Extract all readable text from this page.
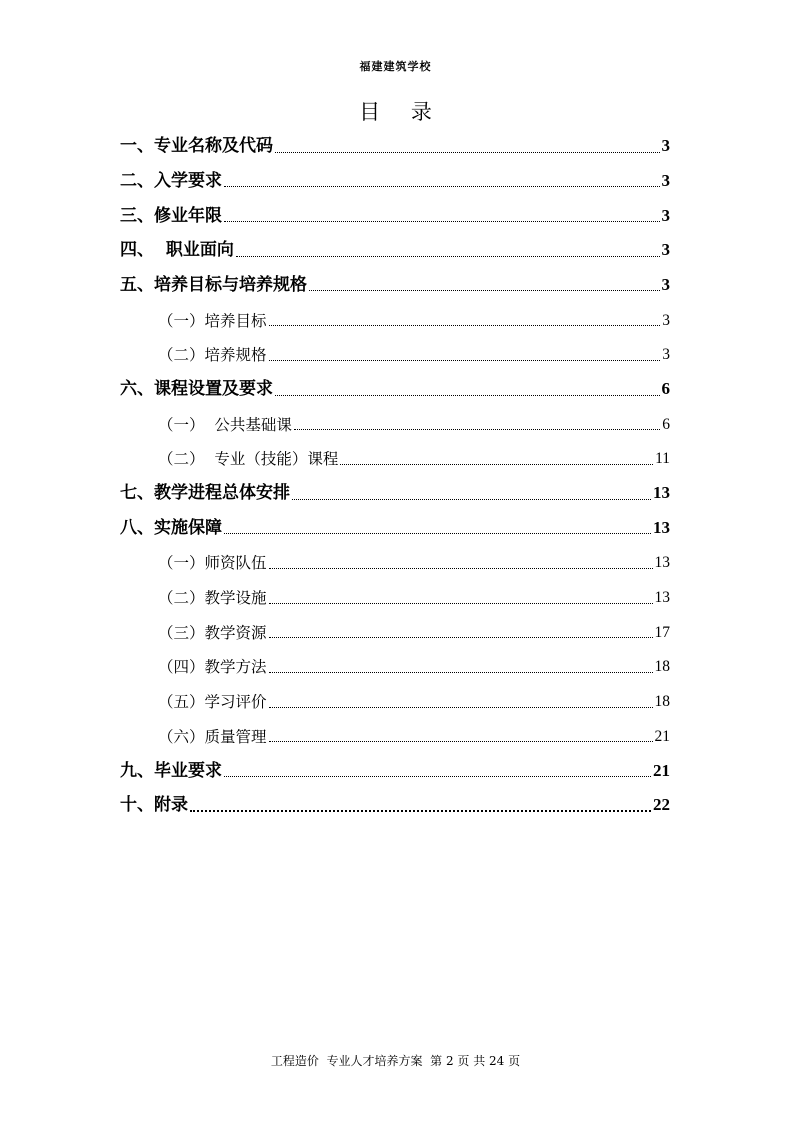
福建建筑学校
目 录
一、专业名称及代码	3
二、入学要求	3
三、修业年限	3
四、  职业面向	3
五、培养目标与培养规格	3
（一）培养目标	3
（二）培养规格	3
六、课程设置及要求	6
（一）  公共基础课	6
（二）  专业（技能）课程	11
七、教学进程总体安排	13
八、实施保障	13
（一）师资队伍	13
（二）教学设施	13
（三）教学资源	17
（四）教学方法	18
（五）学习评价	18
（六）质量管理	21
九、毕业要求	21
十、附录	22
工程造价  专业人才培养方案  第 2 页 共 24 页
